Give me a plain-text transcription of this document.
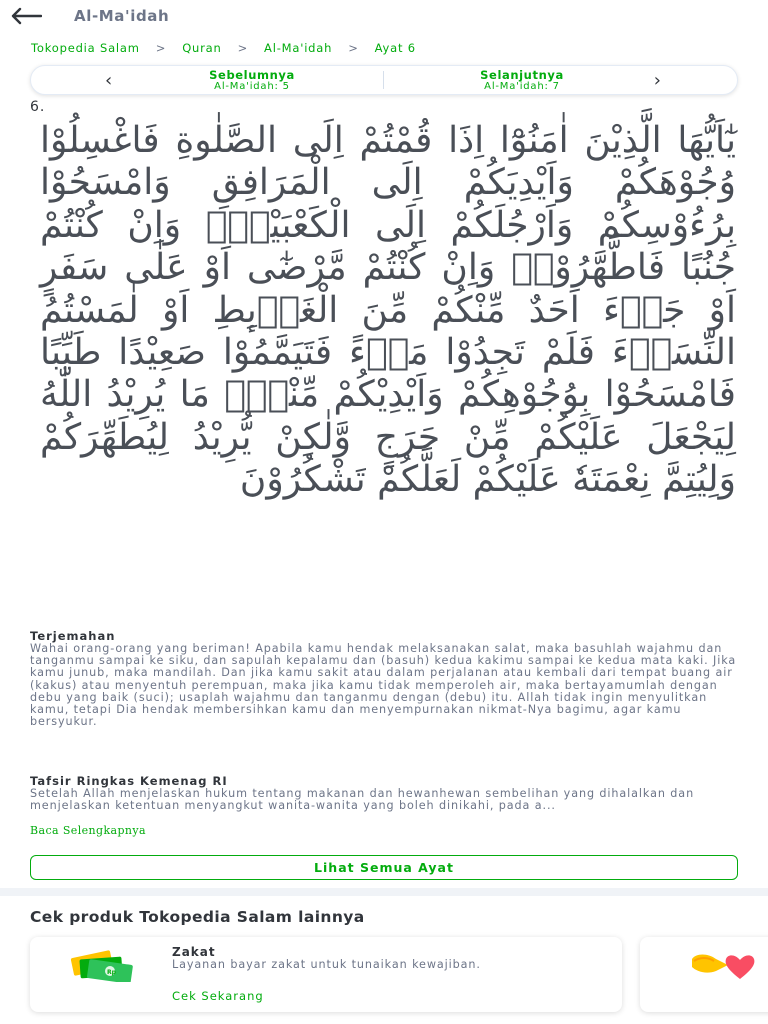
Al-Ma'idah
Tokopedia Salam > Quran > Al-Ma'idah > Ayat 6
‹	Sebelumnya
Al-Ma'idah: 5
Selanjutnya
Al-Ma'idah: 7	›
6.
يٰٓاَيُّهَا الَّذِيْنَ اٰمَنُوْٓا اِذَا قُمْتُمْ اِلَى الصَّلٰوةِ فَاغْسِلُوْا وُجُوْهَكُمْ وَاَيْدِيَكُمْ اِلَى الْمَرَافِقِ وَامْسَحُوْا بِرُءُوْسِكُمْ وَاَرْجُلَكُمْ اِلَى الْكَعْبَيْنِۗ وَاِنْ كُنْتُمْ جُنُبًا فَاطَّهَّرُوْاۗ وَاِنْ كُنْتُمْ مَّرْضٰٓى اَوْ عَلٰى سَفَرٍ اَوْ جَاۤءَ اَحَدٌ مِّنْكُمْ مِّنَ الْغَاۤىِٕطِ اَوْ لٰمَسْتُمُ النِّسَاۤءَ فَلَمْ تَجِدُوْا مَاۤءً فَتَيَمَّمُوْا صَعِيْدًا طَيِّبًا فَامْسَحُوْا بِوُجُوْهِكُمْ وَاَيْدِيْكُمْ مِّنْهُۗ مَا يُرِيْدُ اللّٰهُ لِيَجْعَلَ عَلَيْكُمْ مِّنْ حَرَجٍ وَّلٰكِنْ يُّرِيْدُ لِيُطَهِّرَكُمْ وَلِيُتِمَّ نِعْمَتَهٗ عَلَيْكُمْ لَعَلَّكُمْ تَشْكُرُوْنَ
Terjemahan
Wahai orang-orang yang beriman! Apabila kamu hendak melaksanakan salat, maka basuhlah wajahmu dan tanganmu sampai ke siku, dan sapulah kepalamu dan (basuh) kedua kakimu sampai ke kedua mata kaki. Jika kamu junub, maka mandilah. Dan jika kamu sakit atau dalam perjalanan atau kembali dari tempat buang air (kakus) atau menyentuh perempuan, maka jika kamu tidak memperoleh air, maka bertayamumlah dengan debu yang baik (suci); usaplah wajahmu dan tanganmu dengan (debu) itu. Allah tidak ingin menyulitkan kamu, tetapi Dia hendak membersihkan kamu dan menyempurnakan nikmat-Nya bagimu, agar kamu bersyukur.
Tafsir Ringkas Kemenag RI
Setelah Allah menjelaskan hukum tentang makanan dan hewanhewan sembelihan yang dihalalkan dan menjelaskan ketentuan menyangkut wanita-wanita yang boleh dinikahi, pada a...
Baca Selengkapnya
Lihat Semua Ayat
Cek produk Tokopedia Salam lainnya
Rp
Zakat
Layanan bayar zakat untuk tunaikan kewajiban.
Cek Sekarang
